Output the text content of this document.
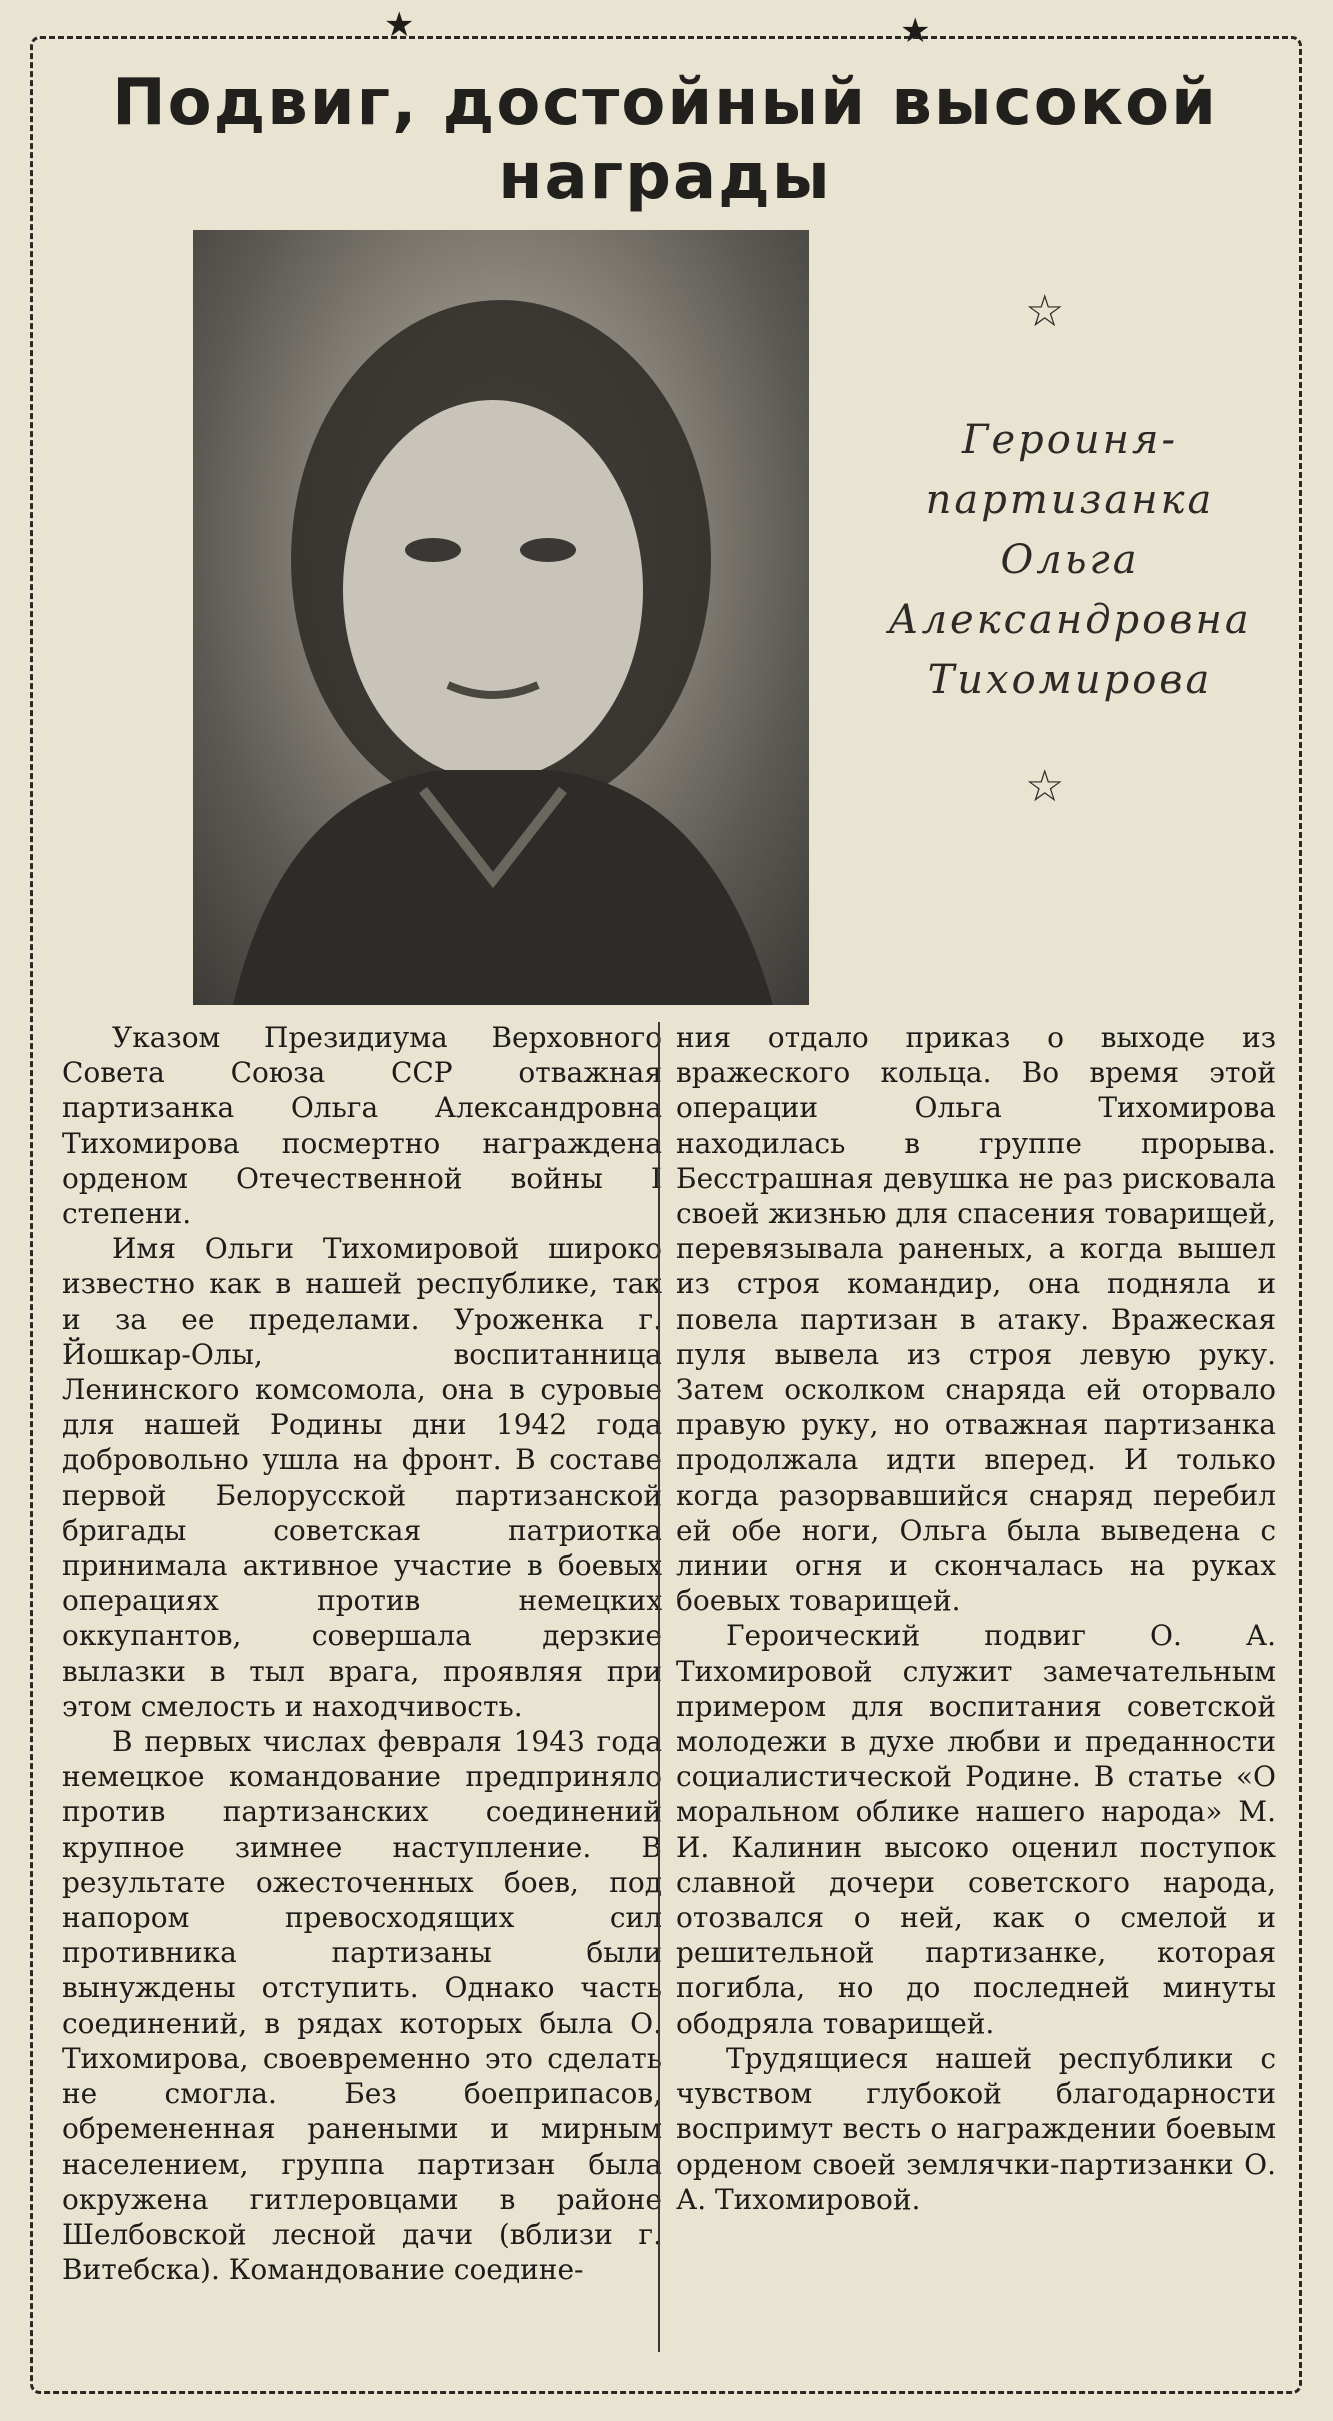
★	★
Подвиг, достойный высокой награды
☆
Героиня-партизанка Ольга Александровна Тихомирова
☆

Указом Президиума Верховного Совета Союза ССР отважная партизанка Ольга Александровна Тихомирова посмертно награждена орденом Отечественной войны I степени.

Имя Ольги Тихомировой широко известно как в нашей республике, так и за ее пределами. Уроженка г. Йошкар-Олы, воспитанница Ленинского комсомола, она в суровые для нашей Родины дни 1942 года добровольно ушла на фронт. В составе первой Белорусской партизанской бригады советская патриотка принимала активное участие в боевых операциях против немецких оккупантов, совершала дерзкие вылазки в тыл врага, проявляя при этом смелость и находчивость.

В первых числах февраля 1943 года немецкое командование предприняло против партизанских соединений крупное зимнее наступление. В результате ожесточенных боев, под напором превосходящих сил противника партизаны были вынуждены отступить. Однако часть соединений, в рядах которых была О. Тихомирова, своевременно это сделать не смогла. Без боеприпасов, обремененная ранеными и мирным населением, группа партизан была окружена гитлеровцами в районе Шелбовской лесной дачи (вблизи г. Витебска). Командование соедине-

ния отдало приказ о выходе из вражеского кольца. Во время этой операции Ольга Тихомирова находилась в группе прорыва. Бесстрашная девушка не раз рисковала своей жизнью для спасения товарищей, перевязывала раненых, а когда вышел из строя командир, она подняла и повела партизан в атаку. Вражеская пуля вывела из строя левую руку. Затем осколком снаряда ей оторвало правую руку, но отважная партизанка продолжала идти вперед. И только когда разорвавшийся снаряд перебил ей обе ноги, Ольга была выведена с линии огня и скончалась на руках боевых товарищей.

Героический подвиг О. А. Тихомировой служит замечательным примером для воспитания советской молодежи в духе любви и преданности социалистической Родине. В статье «О моральном облике нашего народа» М. И. Калинин высоко оценил поступок славной дочери советского народа, отозвался о ней, как о смелой и решительной партизанке, которая погибла, но до последней минуты ободряла товарищей.

Трудящиеся нашей республики с чувством глубокой благодарности воспримут весть о награждении боевым орденом своей землячки-партизанки О. А. Тихомировой.
